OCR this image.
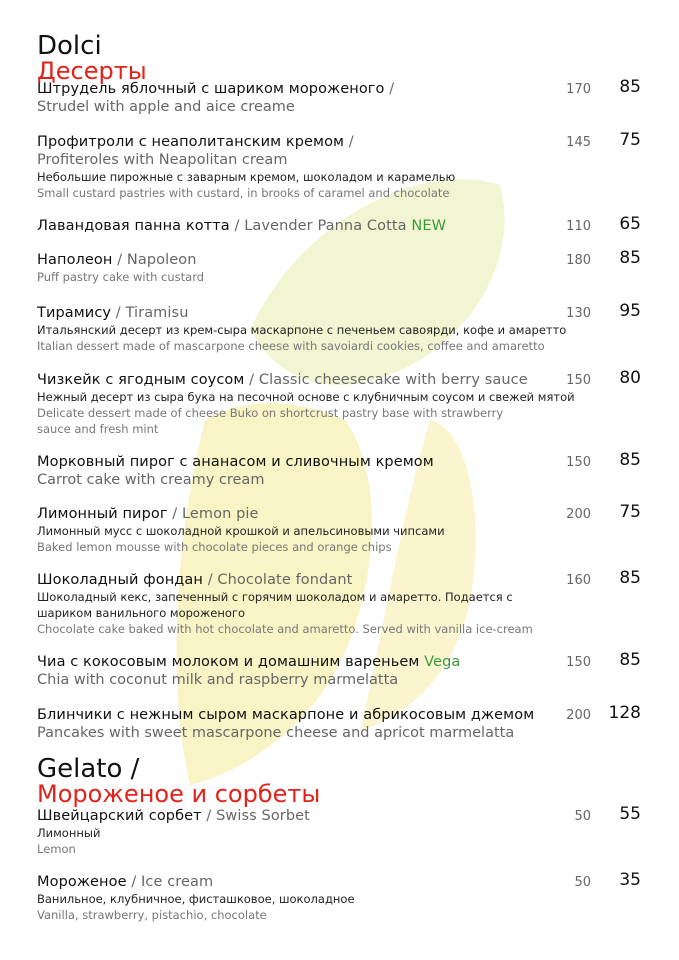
Dolci
Десерты
Штрудель яблочный с шариком мороженого /
Strudel with apple and aice creame
170 85
Профитроли с неаполитанским кремом /
Profiteroles with Neapolitan cream
Небольшие пирожные с заварным кремом, шоколадом и карамелью
Small custard pastries with custard, in brooks of caramel and chocolate
145 75
Лавандовая панна котта / Lavender Panna Cotta NEW	110 65
Наполеон / Napoleon
Puff pastry cake with custard
180 85
Тирамису / Tiramisu
Итальянский десерт из крем-сыра маскарпоне с печеньем савоярди, кофе и амаретто
Italian dessert made of mascarpone cheese with savoiardi cookies, coffee and amaretto
130 95
Чизкейк с ягодным соусом / Classic cheesecake with berry sauce
Нежный десерт из сыра бука на песочной основе с клубничным соусом и свежей мятой
Delicate dessert made of cheese Buko on shortcrust pastry base with strawberry sauce and fresh mint
150 80
Морковный пирог с ананасом и сливочным кремом
Carrot cake with creamy cream
150 85
Лимонный пирог / Lemon pie
Лимонный мусс с шоколадной крошкой и апельсиновыми чипсами
Baked lemon mousse with chocolate pieces and orange chips
200 75
Шоколадный фондан / Chocolate fondant
Шоколадный кекс, запеченный с горячим шоколадом и амаретто. Подается с шариком ванильного мороженого
Chocolate cake baked with hot chocolate and amaretto. Served with vanilla ice-cream
160 85
Чиа с кокосовым молоком и домашним вареньем Vega
Chia with coconut milk and raspberry marmelatta
150 85
Блинчики с нежным сыром маскарпоне и абрикосовым джемом
Pancakes with sweet mascarpone cheese and apricot marmelatta
200 128
Gelato /
Мороженое и сорбеты
Швейцарский сорбет / Swiss Sorbet
Лимонный
Lemon
50 55
Мороженое / Ice cream
Ванильное, клубничное, фисташковое, шоколадное
Vanilla, strawberry, pistachio, chocolate
50 35
